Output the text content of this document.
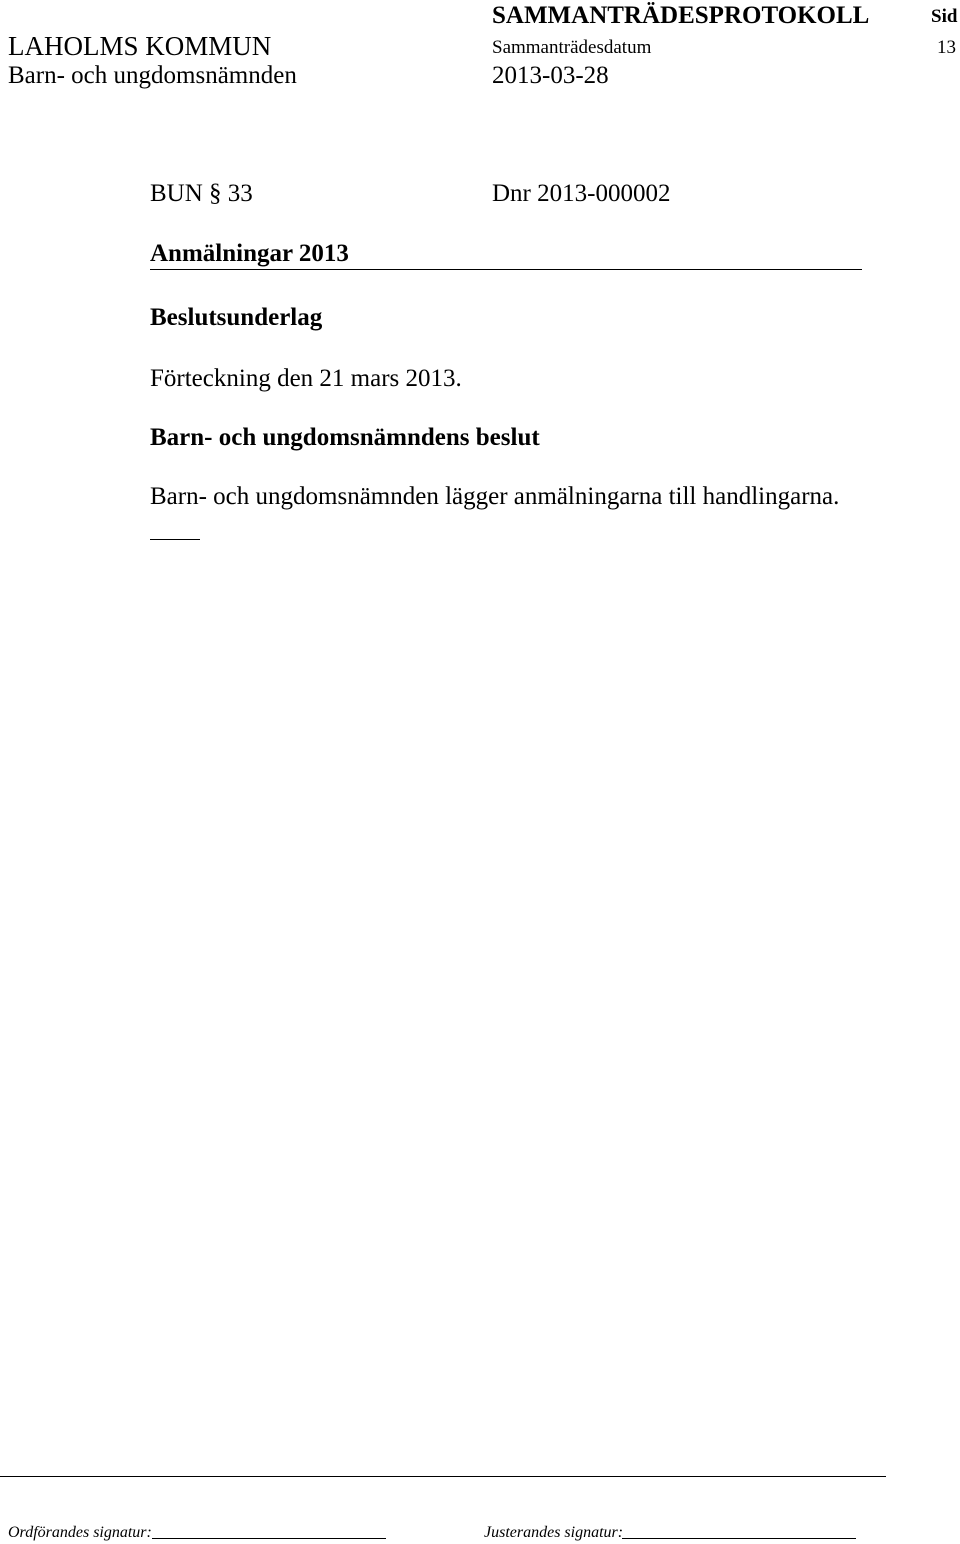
LAHOLMS KOMMUN
Barn- och ungdomsnämnden
SAMMANTRÄDESPROTOKOLL
Sammanträdesdatum
2013-03-28
Sid
13
BUN § 33	Dnr 2013-000002
Anmälningar 2013
Beslutsunderlag
Förteckning den 21 mars 2013.
Barn- och ungdomsnämndens beslut
Barn- och ungdomsnämnden lägger anmälningarna till handlingarna.
Ordförandes signatur:	Justerandes signatur:
